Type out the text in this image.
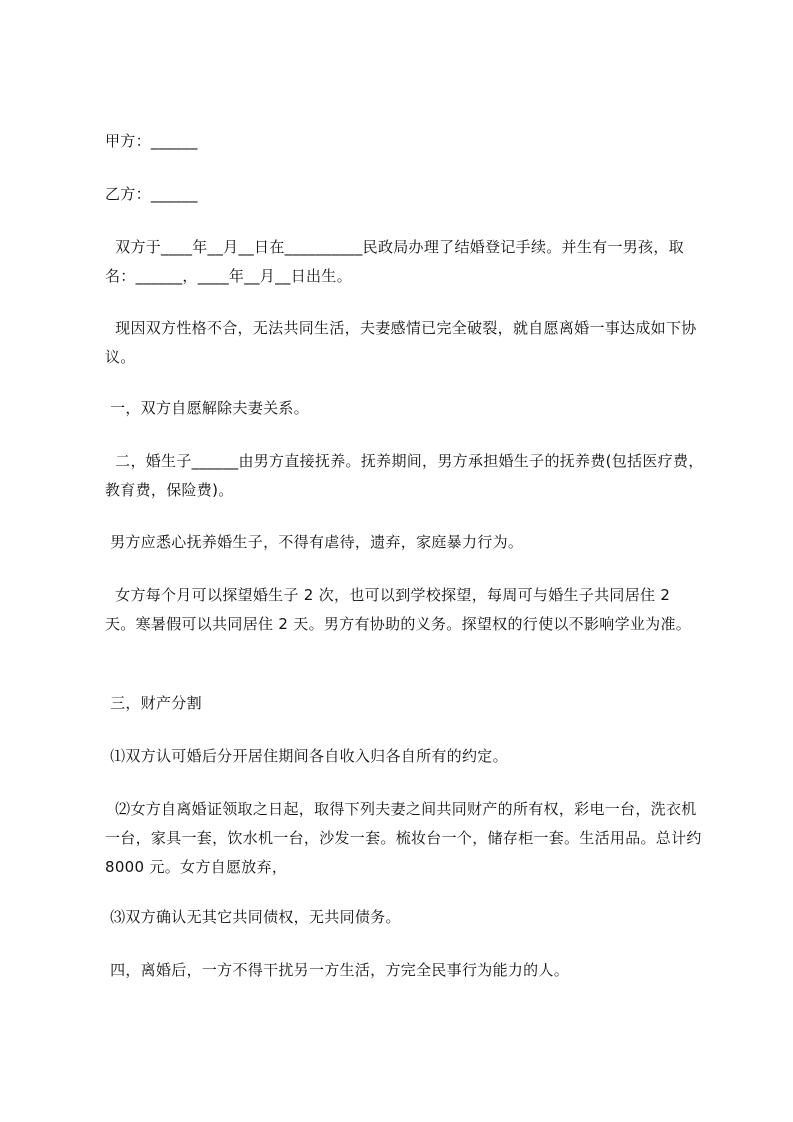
甲方：______

乙方：______

双方于____年__月__日在__________民政局办理了结婚登记手续。并生有一男孩，取名：______，____年__月__日出生。

现因双方性格不合，无法共同生活，夫妻感情已完全破裂，就自愿离婚一事达成如下协议。

一，双方自愿解除夫妻关系。

二，婚生子______由男方直接抚养。抚养期间，男方承担婚生子的抚养费(包括医疗费，教育费，保险费)。

男方应悉心抚养婚生子，不得有虐待，遗弃，家庭暴力行为。

女方每个月可以探望婚生子 2 次，也可以到学校探望，每周可与婚生子共同居住 2 天。寒暑假可以共同居住 2 天。男方有协助的义务。探望权的行使以不影响学业为准。

三，财产分割

⑴双方认可婚后分开居住期间各自收入归各自所有的约定。

⑵女方自离婚证领取之日起，取得下列夫妻之间共同财产的所有权，彩电一台，洗衣机一台，家具一套，饮水机一台，沙发一套。梳妆台一个，储存柜一套。生活用品。总计约 8000 元。女方自愿放弃，

⑶双方确认无其它共同债权，无共同债务。

四，离婚后，一方不得干扰另一方生活，方完全民事行为能力的人。
